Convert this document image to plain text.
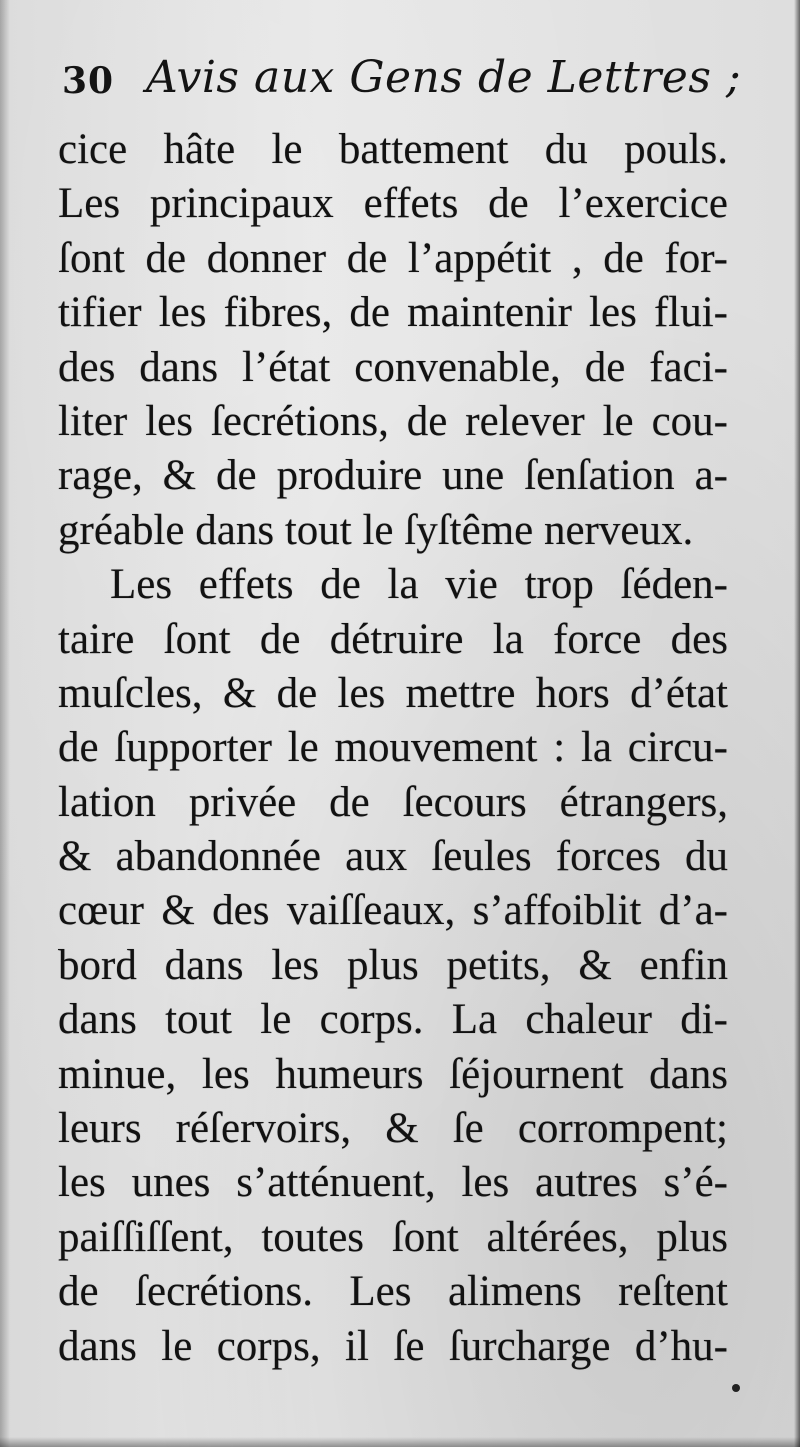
30 Avis aux Gens de Lettres ;
cice hâte le battement du pouls.
Les principaux effets de l’exercice
ſont de donner de l’appétit , de for-
tifier les fibres, de maintenir les flui-
des dans l’état convenable, de faci-
liter les ſecrétions, de relever le cou-
rage, & de produire une ſenſation a-
gréable dans tout le ſyſtême nerveux.
Les effets de la vie trop ſéden-
taire ſont de détruire la force des
muſcles, & de les mettre hors d’état
de ſupporter le mouvement : la circu-
lation privée de ſecours étrangers,
& abandonnée aux ſeules forces du
cœur & des vaiſſeaux, s’affoiblit d’a-
bord dans les plus petits, & enfin
dans tout le corps. La chaleur di-
minue, les humeurs ſéjournent dans
leurs réſervoirs, & ſe corrompent;
les unes s’atténuent, les autres s’é-
paiſſiſſent, toutes ſont altérées, plus
de ſecrétions. Les alimens reſtent
dans le corps, il ſe ſurcharge d’hu-
